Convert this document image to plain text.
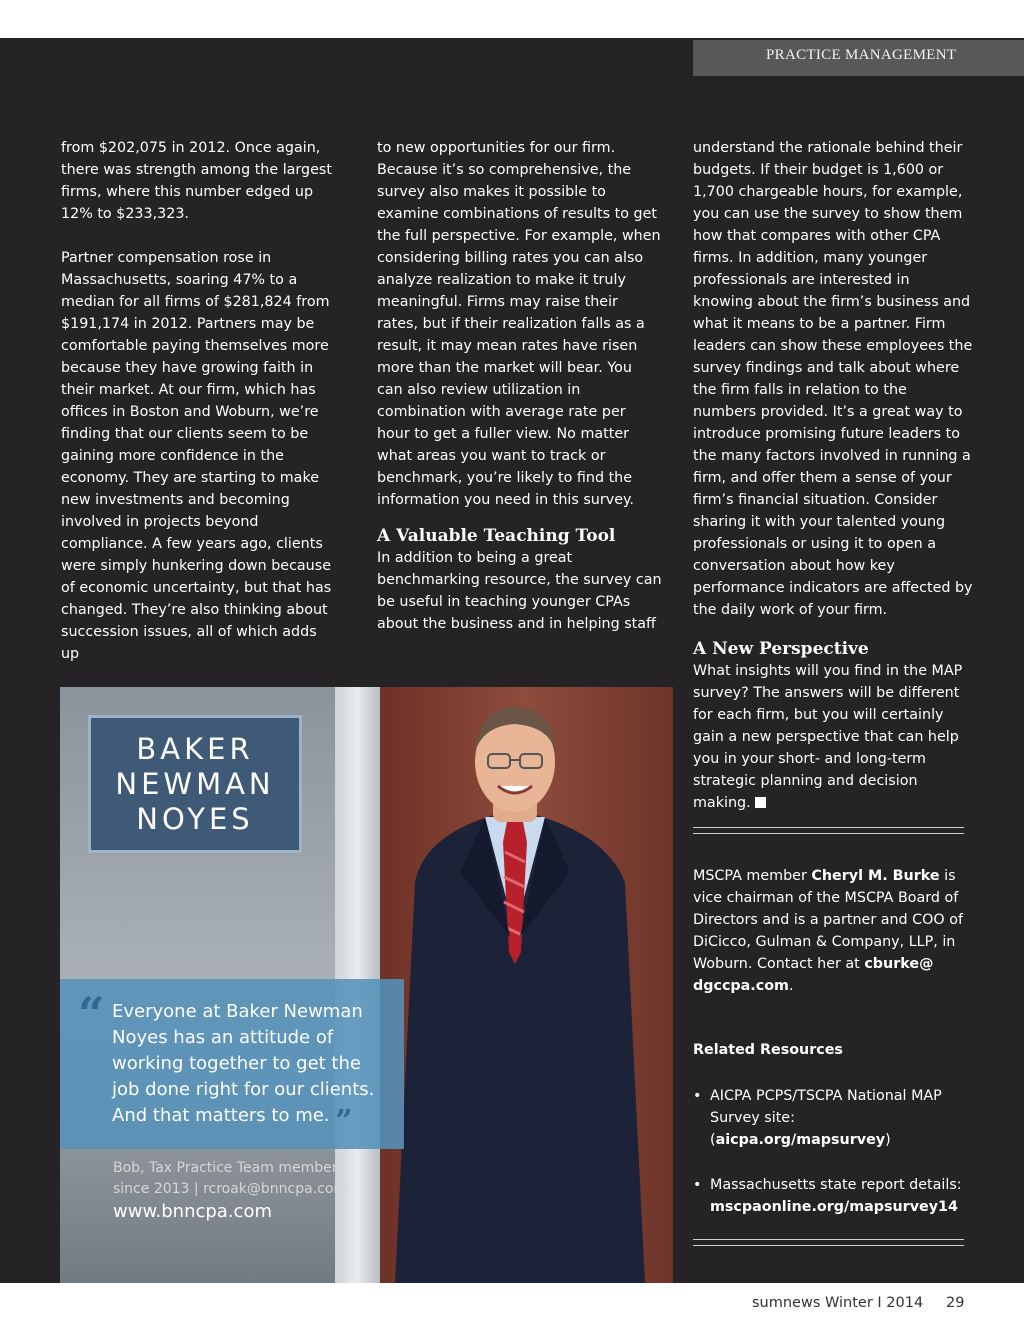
PRACTICE MANAGEMENT

from $202,075 in 2012. Once again, there was strength among the largest firms, where this number edged up 12% to $233,323.

Partner compensation rose in Massachusetts, soaring 47% to a median for all firms of $281,824 from $191,174 in 2012. Partners may be comfortable paying themselves more because they have growing faith in their market. At our firm, which has offices in Boston and Woburn, we’re finding that our clients seem to be gaining more confidence in the economy. They are starting to make new investments and becoming involved in projects beyond compliance. A few years ago, clients were simply hunkering down because of economic uncertainty, but that has changed. They’re also thinking about succession issues, all of which adds up

to new opportunities for our firm. Because it’s so comprehensive, the survey also makes it possible to examine combinations of results to get the full perspective. For example, when considering billing rates you can also analyze realization to make it truly meaningful. Firms may raise their rates, but if their realization falls as a result, it may mean rates have risen more than the market will bear. You can also review utilization in combination with average rate per hour to get a fuller view. No matter what areas you want to track or benchmark, you’re likely to find the information you need in this survey.

A Valuable Teaching Tool

In addition to being a great benchmarking resource, the survey can be useful in teaching younger CPAs about the business and in helping staff

understand the rationale behind their budgets. If their budget is 1,600 or 1,700 chargeable hours, for example, you can use the survey to show them how that compares with other CPA firms. In addition, many younger professionals are interested in knowing about the firm’s business and what it means to be a partner. Firm leaders can show these employees the survey findings and talk about where the firm falls in relation to the numbers provided. It’s a great way to introduce promising future leaders to the many factors involved in running a firm, and offer them a sense of your firm’s financial situation. Consider sharing it with your talented young professionals or using it to open a conversation about how key performance indicators are affected by the daily work of your firm.

A New Perspective

What insights will you find in the MAP survey? The answers will be different for each firm, but you will certainly gain a new perspective that can help you in your short- and long-term strategic planning and decision making.

MSCPA member Cheryl M. Burke is vice chairman of the MSCPA Board of Directors and is a partner and COO of DiCicco, Gulman & Company, LLP, in Woburn. Contact her at cburke@ dgccpa.com.
Related Resources
• AICPA PCPS/TSCPA National MAP Survey site: (aicpa.org/mapsurvey)
• Massachusetts state report details: mscpaonline.org/mapsurvey14
BAKER
NEWMAN
NOYES
“ Everyone at Baker Newman Noyes has an attitude of working together to get the job done right for our clients. And that matters to me. ”
Bob, Tax Practice Team member
since 2013 | rcroak@bnncpa.com
www.bnncpa.com
sumnews Winter I 2014 29
